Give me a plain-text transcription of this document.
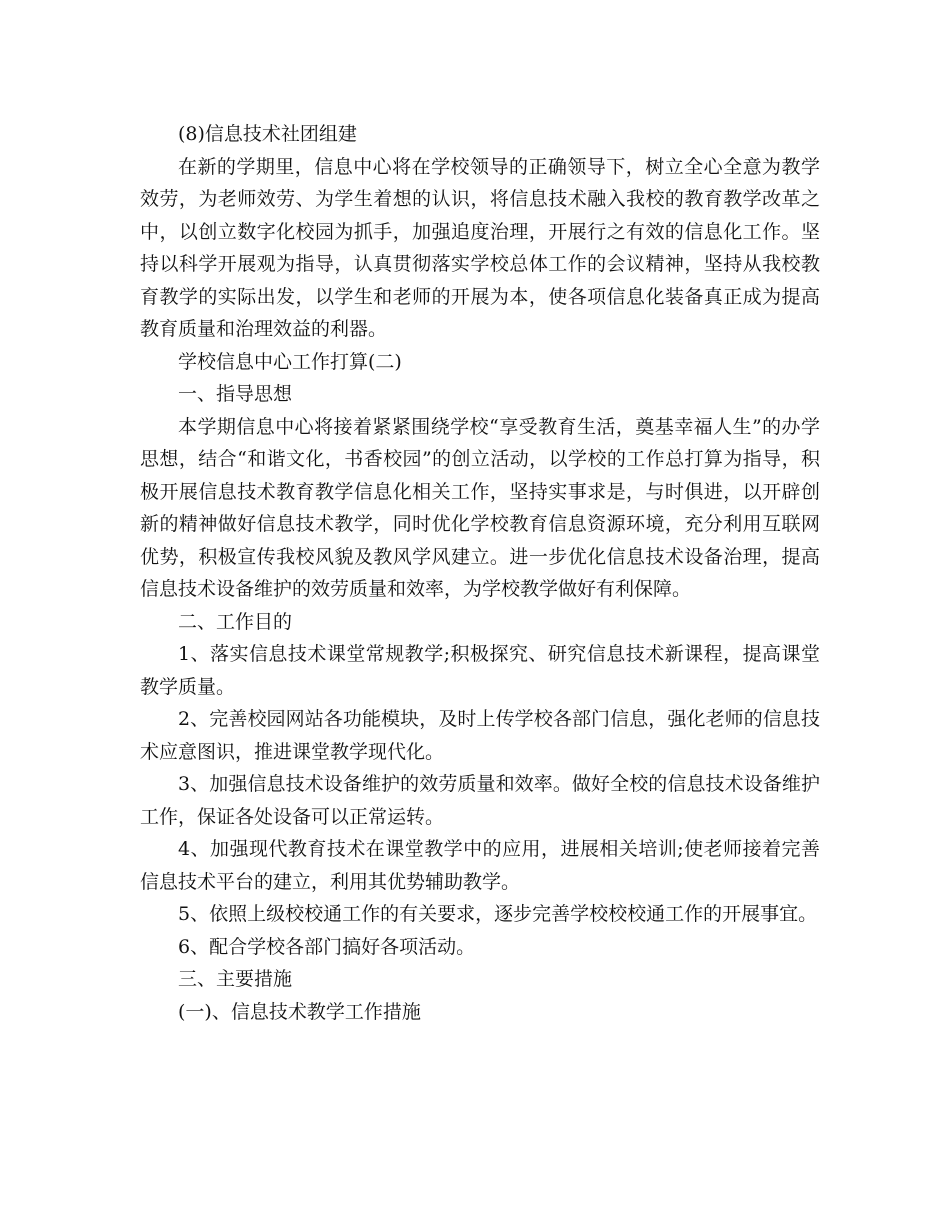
(8)信息技术社团组建

在新的学期里，信息中心将在学校领导的正确领导下，树立全心全意为教学效劳，为老师效劳、为学生着想的认识，将信息技术融入我校的教育教学改革之中，以创立数字化校园为抓手，加强追度治理，开展行之有效的信息化工作。坚持以科学开展观为指导，认真贯彻落实学校总体工作的会议精神，坚持从我校教育教学的实际出发，以学生和老师的开展为本，使各项信息化装备真正成为提高教育质量和治理效益的利器。

学校信息中心工作打算(二)

一、指导思想

本学期信息中心将接着紧紧围绕学校“享受教育生活，奠基幸福人生”的办学思想，结合“和谐文化，书香校园”的创立活动，以学校的工作总打算为指导，积极开展信息技术教育教学信息化相关工作，坚持实事求是，与时俱进，以开辟创新的精神做好信息技术教学，同时优化学校教育信息资源环境，充分利用互联网优势，积极宣传我校风貌及教风学风建立。进一步优化信息技术设备治理，提高信息技术设备维护的效劳质量和效率，为学校教学做好有利保障。

二、工作目的

1、落实信息技术课堂常规教学;积极探究、研究信息技术新课程，提高课堂教学质量。

2、完善校园网站各功能模块，及时上传学校各部门信息，强化老师的信息技术应意图识，推进课堂教学现代化。

3、加强信息技术设备维护的效劳质量和效率。做好全校的信息技术设备维护工作，保证各处设备可以正常运转。

4、加强现代教育技术在课堂教学中的应用，进展相关培训;使老师接着完善信息技术平台的建立，利用其优势辅助教学。

5、依照上级校校通工作的有关要求，逐步完善学校校校通工作的开展事宜。

6、配合学校各部门搞好各项活动。

三、主要措施

(一)、信息技术教学工作措施
